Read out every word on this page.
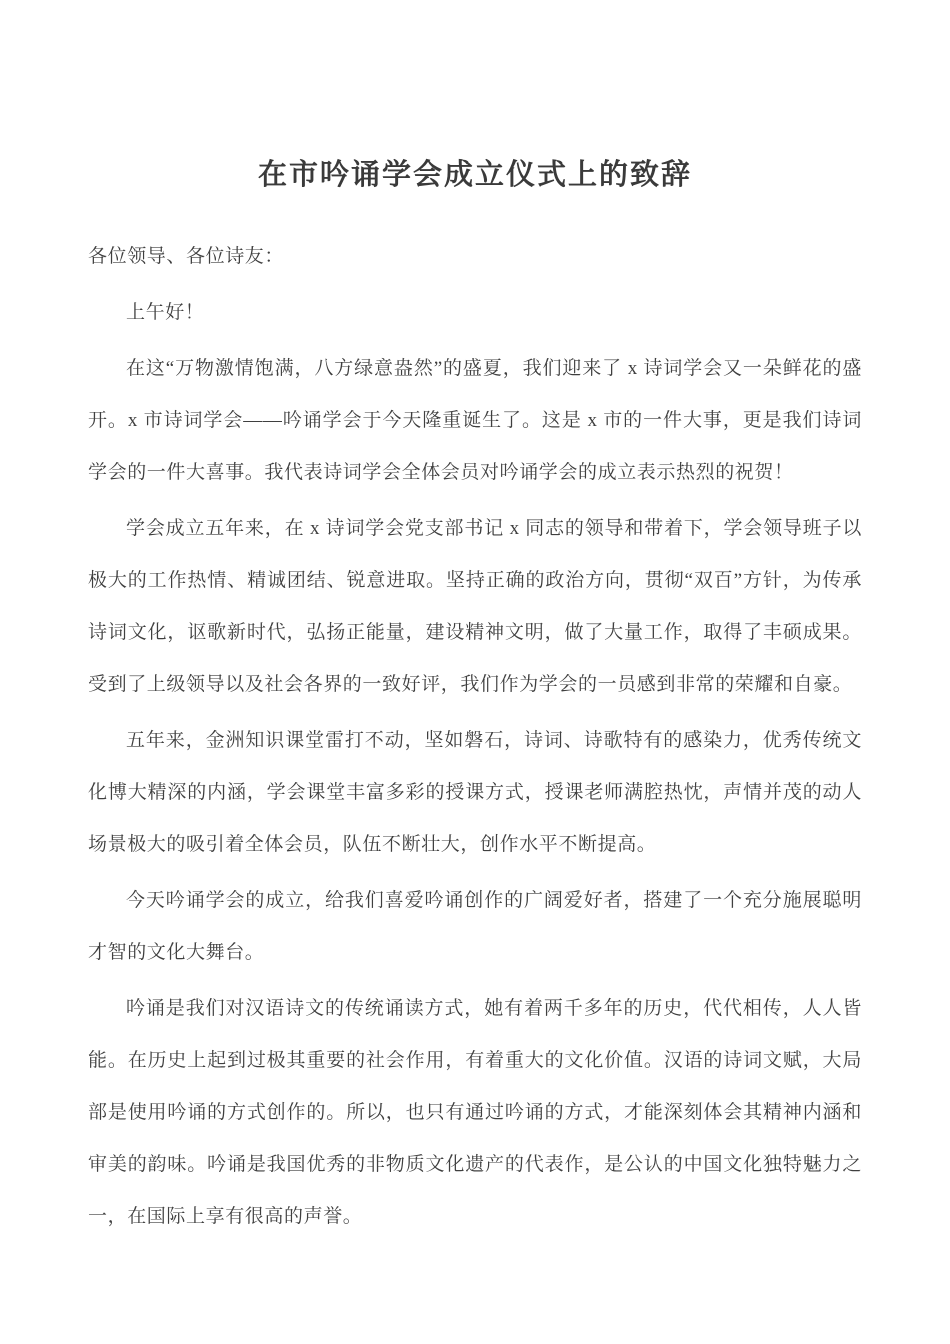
在市吟诵学会成立仪式上的致辞

各位领导、各位诗友：

上午好！

在这“万物激情饱满，八方绿意盎然”的盛夏，我们迎来了 x 诗词学会又一朵鲜花的盛开。x 市诗词学会——吟诵学会于今天隆重诞生了。这是 x 市的一件大事，更是我们诗词学会的一件大喜事。我代表诗词学会全体会员对吟诵学会的成立表示热烈的祝贺！

学会成立五年来，在 x 诗词学会党支部书记 x 同志的领导和带着下，学会领导班子以极大的工作热情、精诚团结、锐意进取。坚持正确的政治方向，贯彻“双百”方针，为传承诗词文化，讴歌新时代，弘扬正能量，建设精神文明，做了大量工作，取得了丰硕成果。受到了上级领导以及社会各界的一致好评，我们作为学会的一员感到非常的荣耀和自豪。

五年来，金洲知识课堂雷打不动，坚如磐石，诗词、诗歌特有的感染力，优秀传统文化博大精深的内涵，学会课堂丰富多彩的授课方式，授课老师满腔热忱，声情并茂的动人场景极大的吸引着全体会员，队伍不断壮大，创作水平不断提高。

今天吟诵学会的成立，给我们喜爱吟诵创作的广阔爱好者，搭建了一个充分施展聪明才智的文化大舞台。

吟诵是我们对汉语诗文的传统诵读方式，她有着两千多年的历史，代代相传，人人皆能。在历史上起到过极其重要的社会作用，有着重大的文化价值。汉语的诗词文赋，大局部是使用吟诵的方式创作的。所以，也只有通过吟诵的方式，才能深刻体会其精神内涵和审美的韵味。吟诵是我国优秀的非物质文化遗产的代表作，是公认的中国文化独特魅力之一，在国际上享有很高的声誉。
